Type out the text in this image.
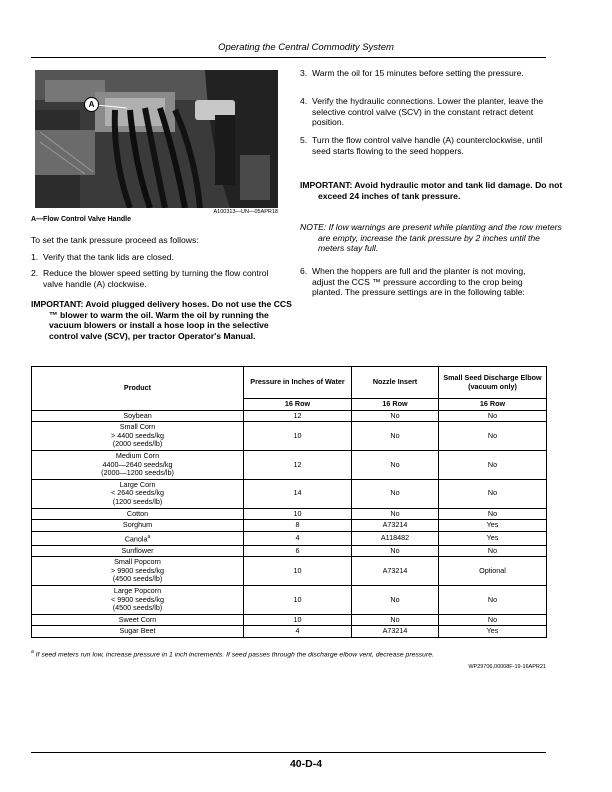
Operating the Central Commodity System
A
A100313—UN—05APR18
A—Flow Control Valve Handle
To set the tank pressure proceed as follows:
1. Verify that the tank lids are closed.
2. Reduce the blower speed setting by turning the flow control valve handle (A) clockwise.
IMPORTANT: Avoid plugged delivery hoses. Do not use the CCS ™ blower to warm the oil. Warm the oil by running the vacuum blowers or install a hose loop in the selective control valve (SCV), per tractor Operator's Manual.
3. Warm the oil for 15 minutes before setting the pressure.
4. Verify the hydraulic connections. Lower the planter, leave the selective control valve (SCV) in the constant retract detent position.
5. Turn the flow control valve handle (A) counterclockwise, until seed starts flowing to the seed hoppers.
IMPORTANT: Avoid hydraulic motor and tank lid damage. Do not exceed 24 inches of tank pressure.
NOTE: If low warnings are present while planting and the row meters are empty, increase the tank pressure by 2 inches until the meters stay full.
6. When the hoppers are full and the planter is not moving, adjust the CCS ™ pressure according to the crop being planted. The pressure settings are in the following table:
Product	Pressure in Inches of Water	Nozzle Insert	Small Seed Discharge Elbow (vacuum only)
	16 Row	16 Row	16 Row

Soybean	12	No	No

Small Corn
> 4400 seeds/kg
(2000 seeds/lb)	10	No	No

Medium Corn
4400—2640 seeds/kg
(2000—1200 seeds/lb)	12	No	No

Large Corn
< 2640 seeds/kg
(1200 seeds/lb)	14	No	No

Cotton	10	No	No

Sorghum	8	A73214	Yes

Canola$^a$	4	A118482	Yes

Sunflower	6	No	No

Small Popcorn
> 9900 seeds/kg
(4500 seeds/lb)	10	A73214	Optional

Large Popcorn
< 9900 seeds/kg
(4500 seeds/lb)	10	No	No

Sweet Corn	10	No	No

Sugar Beet	4	A73214	Yes
$^a$ If seed meters run low, increase pressure in 1 inch increments. If seed passes through the discharge elbow vent, decrease pressure.
WP29706,00008F-19-16APR21
40-D-4
